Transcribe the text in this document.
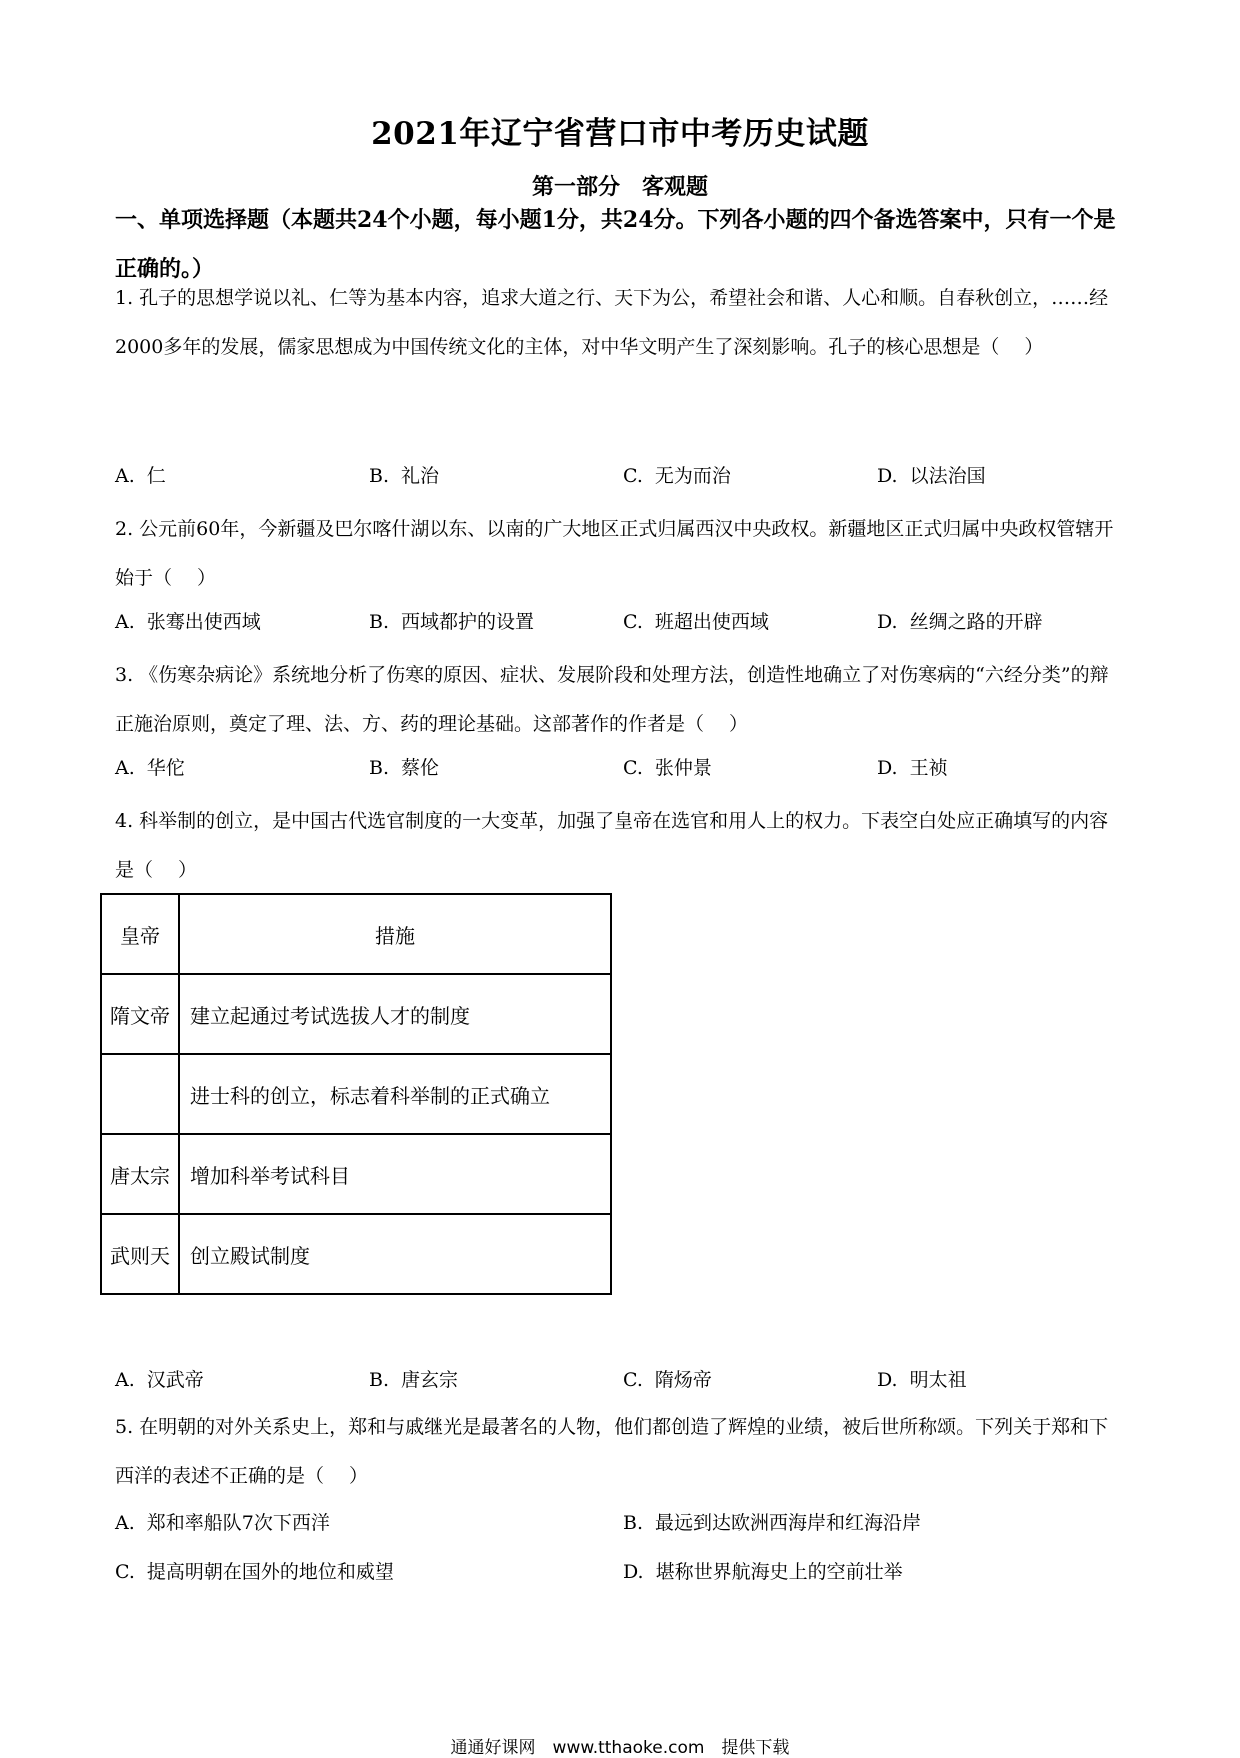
2021年辽宁省营口市中考历史试题
第一部分　客观题
一、单项选择题（本题共24个小题，每小题1分，共24分。下列各小题的四个备选答案中，只有一个是正确的。）
1. 孔子的思想学说以礼、仁等为基本内容，追求大道之行、天下为公，希望社会和谐、人心和顺。自春秋创立，……经2000多年的发展，儒家思想成为中国传统文化的主体，对中华文明产生了深刻影响。孔子的核心思想是（　 ）
A. 仁	B. 礼治	C. 无为而治	D. 以法治国
2. 公元前60年，今新疆及巴尔喀什湖以东、以南的广大地区正式归属西汉中央政权。新疆地区正式归属中央政权管辖开始于（　 ）
A. 张骞出使西域	B. 西域都护的设置	C. 班超出使西域	D. 丝绸之路的开辟
3. 《伤寒杂病论》系统地分析了伤寒的原因、症状、发展阶段和处理方法，创造性地确立了对伤寒病的“六经分类”的辩正施治原则，奠定了理、法、方、药的理论基础。这部著作的作者是（　 ）
A. 华佗	B. 蔡伦	C. 张仲景	D. 王祯
4. 科举制的创立，是中国古代选官制度的一大变革，加强了皇帝在选官和用人上的权力。下表空白处应正确填写的内容是（　 ）
皇帝	措施
隋文帝	建立起通过考试选拔人才的制度
	进士科的创立，标志着科举制的正式确立
唐太宗	增加科举考试科目
武则天	创立殿试制度
A. 汉武帝	B. 唐玄宗	C. 隋炀帝	D. 明太祖
5. 在明朝的对外关系史上，郑和与戚继光是最著名的人物，他们都创造了辉煌的业绩，被后世所称颂。下列关于郑和下西洋的表述不正确的是（　 ）
A. 郑和率船队7次下西洋	B. 最远到达欧洲西海岸和红海沿岸
C. 提高明朝在国外的地位和威望	D. 堪称世界航海史上的空前壮举
通通好课网　www.tthaoke.com　提供下载
